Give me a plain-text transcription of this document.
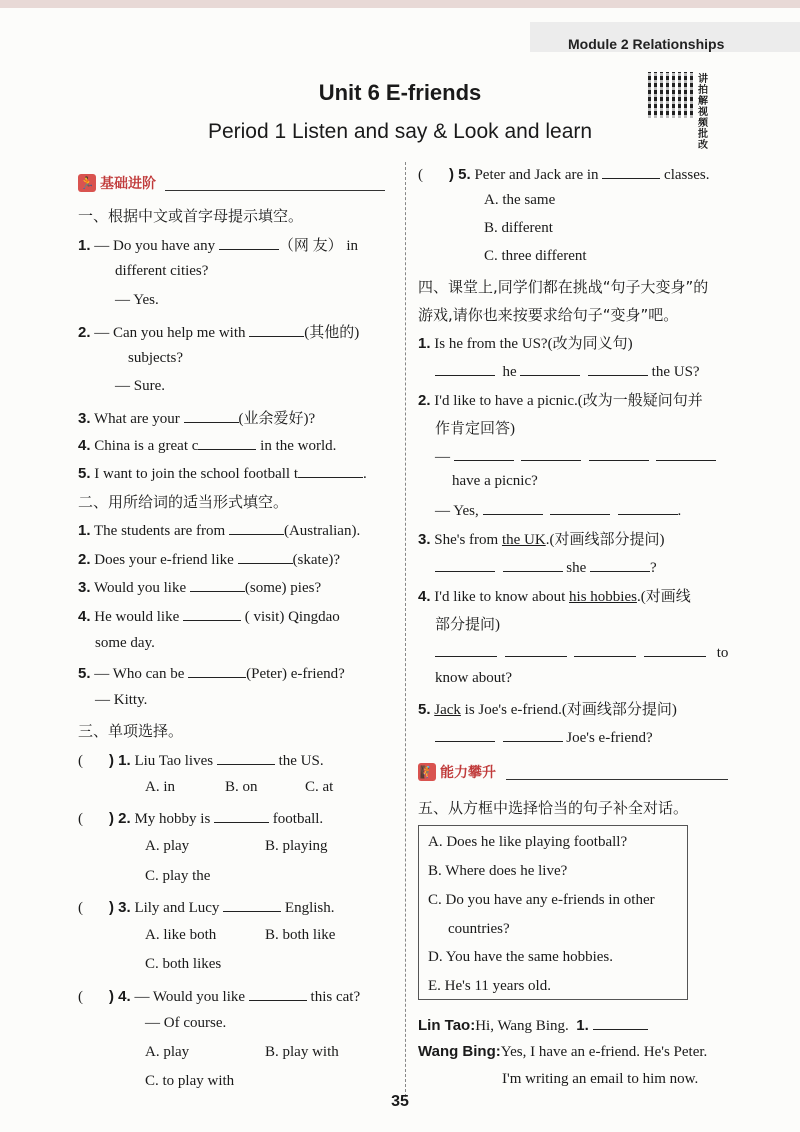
Module 2 Relationships
讲拍解视频批改
Unit 6 E-friends
Period 1 Listen and say & Look and learn
🏃 基础进阶
一、根据中文或首字母提示填空。
1. — Do you have any	（网 友） in
different cities?
— Yes.
2. — Can you help me with	(其他的)
subjects?
— Sure.
3. What are your	(业余爱好)?
4. China is a great c	in the world.
5. I want to join the school football t	.
二、用所给词的适当形式填空。
1. The students are from	(Australian).
2. Does your e-friend like	(skate)?
3. Would you like	(some) pies?
4. He would like	( visit) Qingdao
some day.
5. — Who can be	(Peter) e-friend?
— Kitty.
三、单项选择。
( ) 1. Liu Tao lives	the US.
A. in	B. on	C. at
( ) 2. My hobby is	football.
A. play	B. playing
C. play the
( ) 3. Lily and Lucy	English.
A. like both	B. both like
C. both likes
( ) 4. — Would you like	this cat?
— Of course.
A. play	B. play with
C. to play with
( ) 5. Peter and Jack are in	classes.
A. the same
B. different
C. three different
四、课堂上,同学们都在挑战“句子大变身”的
游戏,请你也来按要求给句子“变身”吧。
1. Is he from the US?(改为同义句)
he	the US?
2. I'd like to have a picnic.(改为一般疑问句并
作肯定回答)
—
have a picnic?
— Yes,	.
3. She's from the UK.(对画线部分提问)
she	?
4. I'd like to know about his hobbies.(对画线
部分提问)
to
know about?
5. Jack is Joe's e-friend.(对画线部分提问)
Joe's e-friend?
🧗 能力攀升
五、从方框中选择恰当的句子补全对话。
A. Does he like playing football?
B. Where does he live?
C. Do you have any e-friends in other
countries?
D. You have the same hobbies.
E. He's 11 years old.
Lin Tao:Hi, Wang Bing. 1.
Wang Bing:Yes, I have an e-friend. He's Peter.
I'm writing an email to him now.
35
